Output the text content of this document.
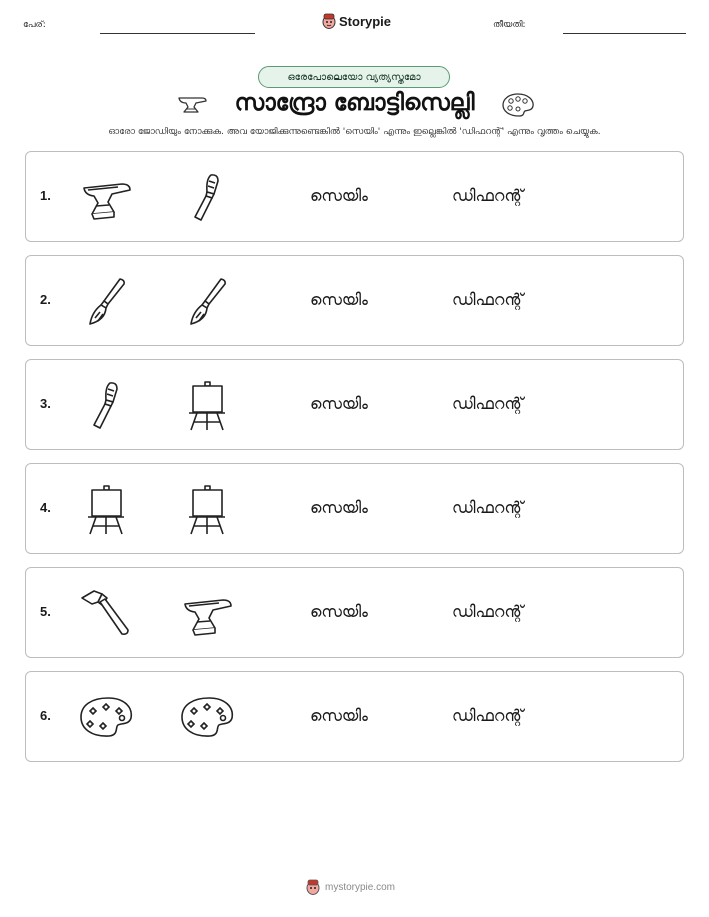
പേര്:	Storypie	തീയതി:
ഒരേപോലെയോ വ്യത്യസ്തമോ
സാന്ദ്രോ ബോട്ടിസെല്ലി
ഓരോ ജോഡിയും നോക്കുക. അവ യോജിക്കുന്നുണ്ടെങ്കിൽ 'സെയിം' എന്നും ഇല്ലെങ്കിൽ 'ഡിഫറന്റ്' എന്നും വൃത്തം ചെയ്യുക.
1.	സെയിം	ഡിഫറന്റ്
2.	സെയിം	ഡിഫറന്റ്
3.	സെയിം	ഡിഫറന്റ്
4.	സെയിം	ഡിഫറന്റ്
5.	സെയിം	ഡിഫറന്റ്
6.	സെയിം	ഡിഫറന്റ്
mystorypie.com
